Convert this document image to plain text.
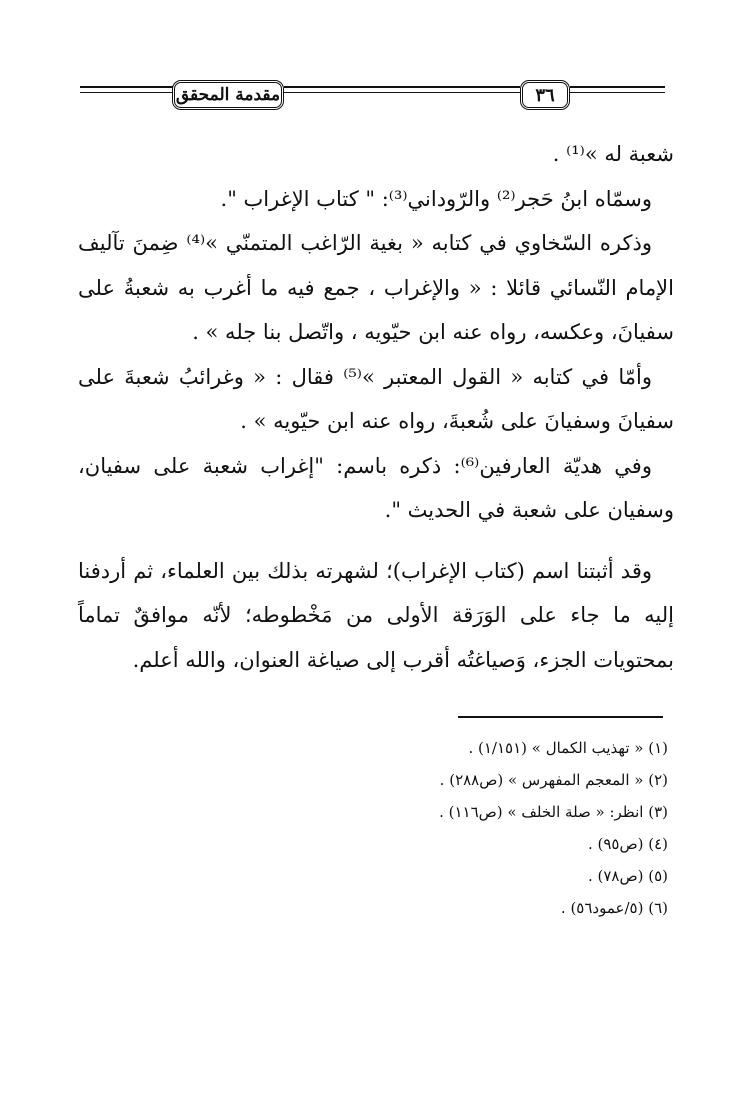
مقدمة المحقق	٣٦

شعبة له »⁽¹⁾ .

وسمّاه ابنُ حَجر⁽²⁾ والرّوداني⁽³⁾: " كتاب الإغراب ".

وذكره السّخاوي في كتابه « بغية الرّاغب المتمنّي »⁽⁴⁾ ضِمنَ تآليف الإمام النّسائي قائلا : « والإغراب ، جمع فيه ما أغرب به شعبةُ على سفيانَ، وعكسه، رواه عنه ابن حيّويه ، واتّصل بنا جله » .

وأمّا في كتابه « القول المعتبر »⁽⁵⁾ فقال : « وغرائبُ شعبةَ على سفيانَ وسفيانَ على شُعبةَ، رواه عنه ابن حيّويه » .

وفي هديّة العارفين⁽⁶⁾: ذكره باسم: "إغراب شعبة على سفيان، وسفيان على شعبة في الحديث ".

وقد أثبتنا اسم (كتاب الإغراب)؛ لشهرته بذلك بين العلماء، ثم أردفنا إليه ما جاء على الوَرَقة الأولى من مَخْطوطه؛ لأنّه موافقٌ تماماً بمحتويات الجزء، وَصياغتُه أقرب إلى صياغة العنوان، والله أعلم.

(١) « تهذيب الكمال » (١/١٥١) .
(٢) « المعجم المفهرس » (ص٢٨٨) .
(٣) انظر: « صلة الخلف » (ص١١٦) .
(٤) (ص٩٥) .
(٥) (ص٧٨) .
(٦) (٥/عمود٥٦) .
